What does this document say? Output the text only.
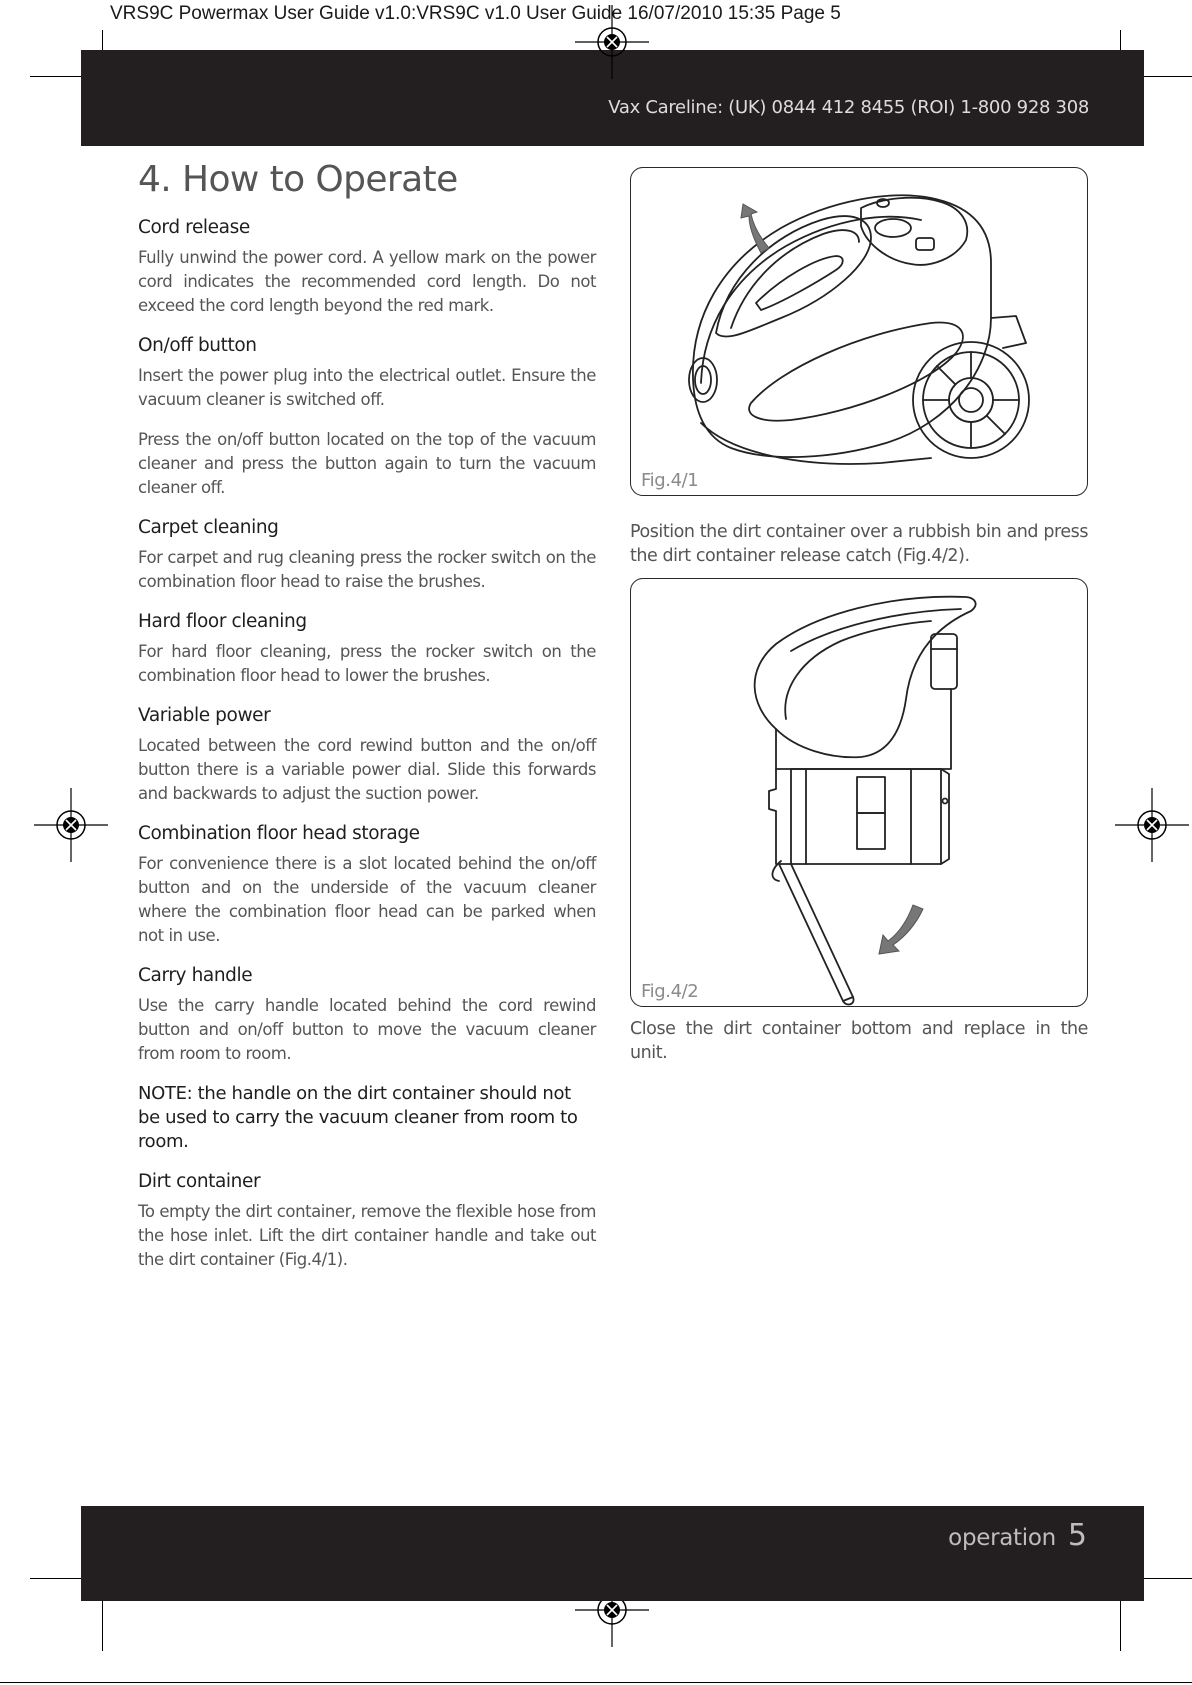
VRS9C Powermax User Guide v1.0:VRS9C v1.0 User Guide 16/07/2010 15:35 Page 5
Vax Careline: (UK) 0844 412 8455 (ROI) 1-800 928 308
4. How to Operate
Cord release
Fully unwind the power cord. A yellow mark on the power cord indicates the recommended cord length. Do not exceed the cord length beyond the red mark.
On/off button
Insert the power plug into the electrical outlet. Ensure the vacuum cleaner is switched off.
Press the on/off button located on the top of the vacuum cleaner and press the button again to turn the vacuum cleaner off.
Carpet cleaning
For carpet and rug cleaning press the rocker switch on the combination floor head to raise the brushes.
Hard floor cleaning
For hard floor cleaning, press the rocker switch on the combination floor head to lower the brushes.
Variable power
Located between the cord rewind button and the on/off button there is a variable power dial. Slide this forwards and backwards to adjust the suction power.
Combination floor head storage
For convenience there is a slot located behind the on/off button and on the underside of the vacuum cleaner where the combination floor head can be parked when not in use.
Carry handle
Use the carry handle located behind the cord rewind button and on/off button to move the vacuum cleaner from room to room.
NOTE: the handle on the dirt container should not be used to carry the vacuum cleaner from room to room.
Dirt container
To empty the dirt container, remove the flexible hose from the hose inlet. Lift the dirt container handle and take out the dirt container (Fig.4/1).
Fig.4/1
Position the dirt container over a rubbish bin and press the dirt container release catch (Fig.4/2).
Fig.4/2
Close the dirt container bottom and replace in the unit.
operation 5
